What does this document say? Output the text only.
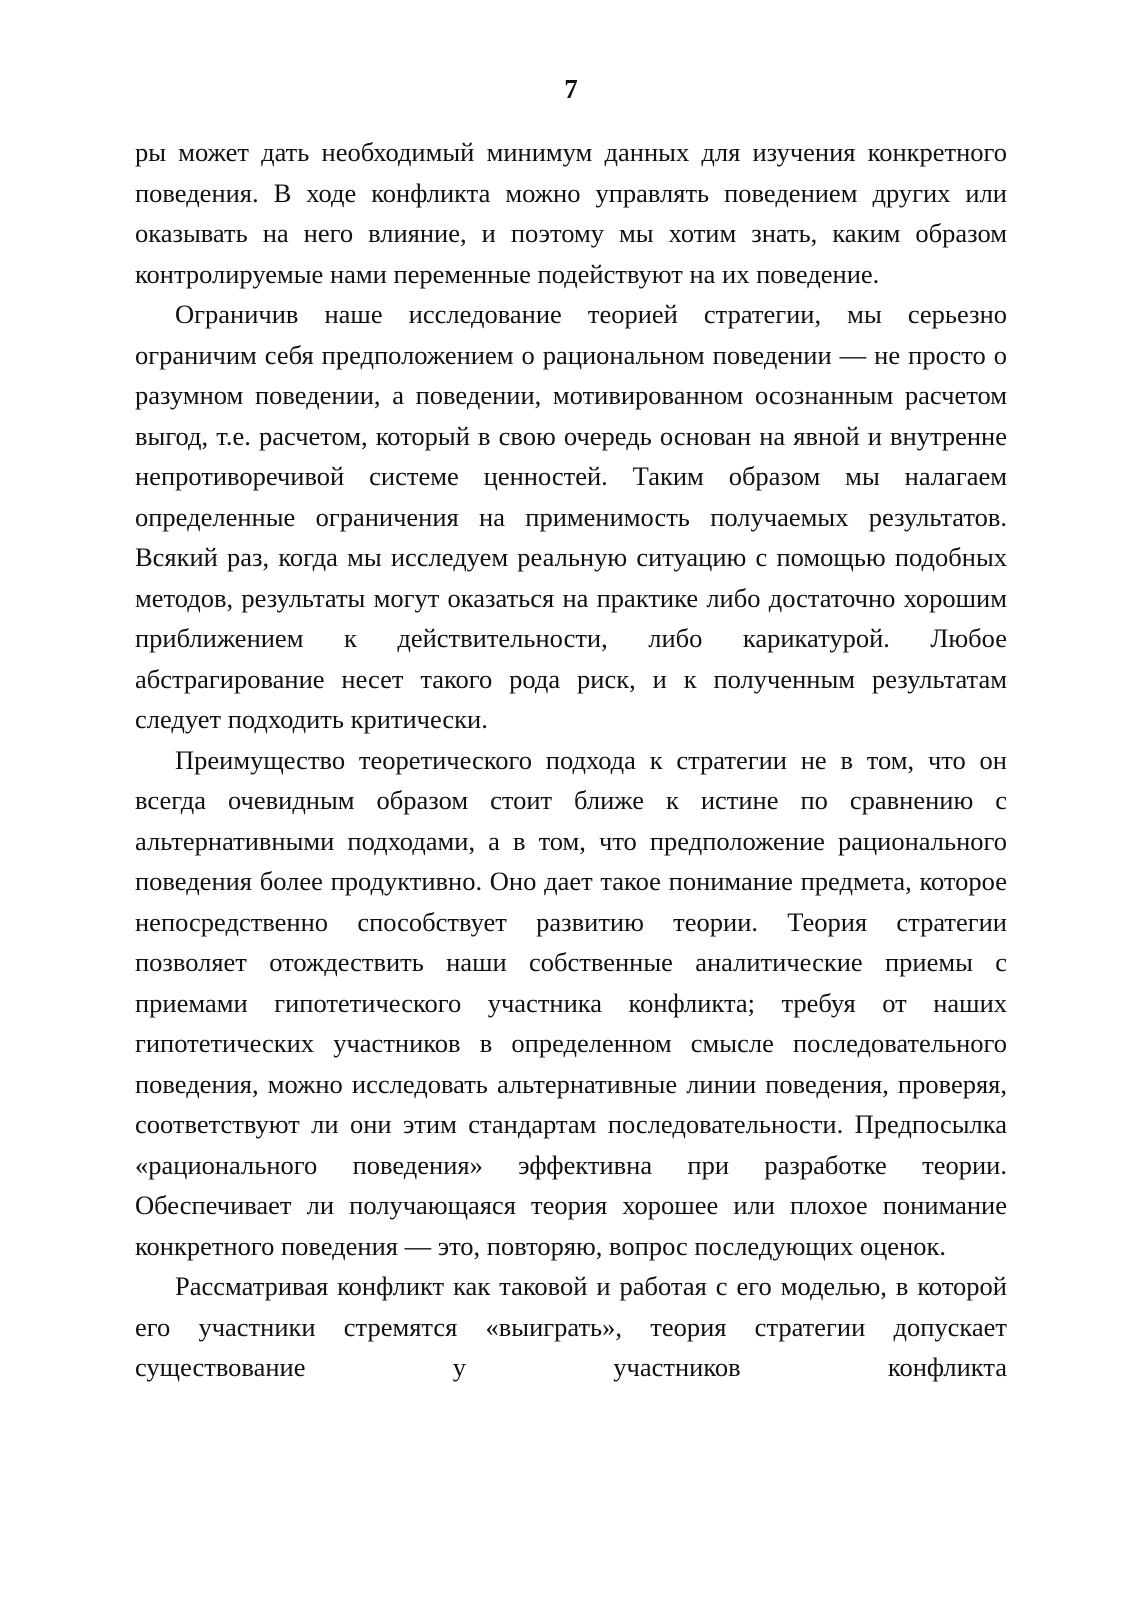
7

ры может дать необходимый минимум данных для изучения конкретного поведения. В ходе конфликта можно управлять поведением других или оказывать на него влияние, и поэтому мы хотим знать, каким образом контролируемые нами переменные подействуют на их поведение.

Ограничив наше исследование теорией стратегии, мы серьезно ограничим себя предположением о рациональном поведении — не просто о разумном поведении, а поведении, мотивированном осознанным расчетом выгод, т.е. расчетом, который в свою очередь основан на явной и внутренне непротиворечивой системе ценностей. Таким образом мы налагаем определенные ограничения на применимость получаемых результатов. Всякий раз, когда мы исследуем реальную ситуацию с помощью подобных методов, результаты могут оказаться на практике либо достаточно хорошим приближением к действительности, либо карикатурой. Любое абстрагирование несет такого рода риск, и к полученным результатам следует подходить критически.

Преимущество теоретического подхода к стратегии не в том, что он всегда очевидным образом стоит ближе к истине по сравнению с альтернативными подходами, а в том, что предположение рационального поведения более продуктивно. Оно дает такое понимание предмета, которое непосредственно способствует развитию теории. Теория стратегии позволяет отождествить наши собственные аналитические приемы с приемами гипотетического участника конфликта; требуя от наших гипотетических участников в определенном смысле последовательного поведения, можно исследовать альтернативные линии поведения, проверяя, соответствуют ли они этим стандартам последовательности. Предпосылка «рационального поведения» эффективна при разработке теории. Обеспечивает ли получающаяся теория хорошее или плохое понимание конкретного поведения — это, повторяю, вопрос последующих оценок.

Рассматривая конфликт как таковой и работая с его моделью, в которой его участники стремятся «выиграть», теория стратегии допускает существование у участников конфликта
